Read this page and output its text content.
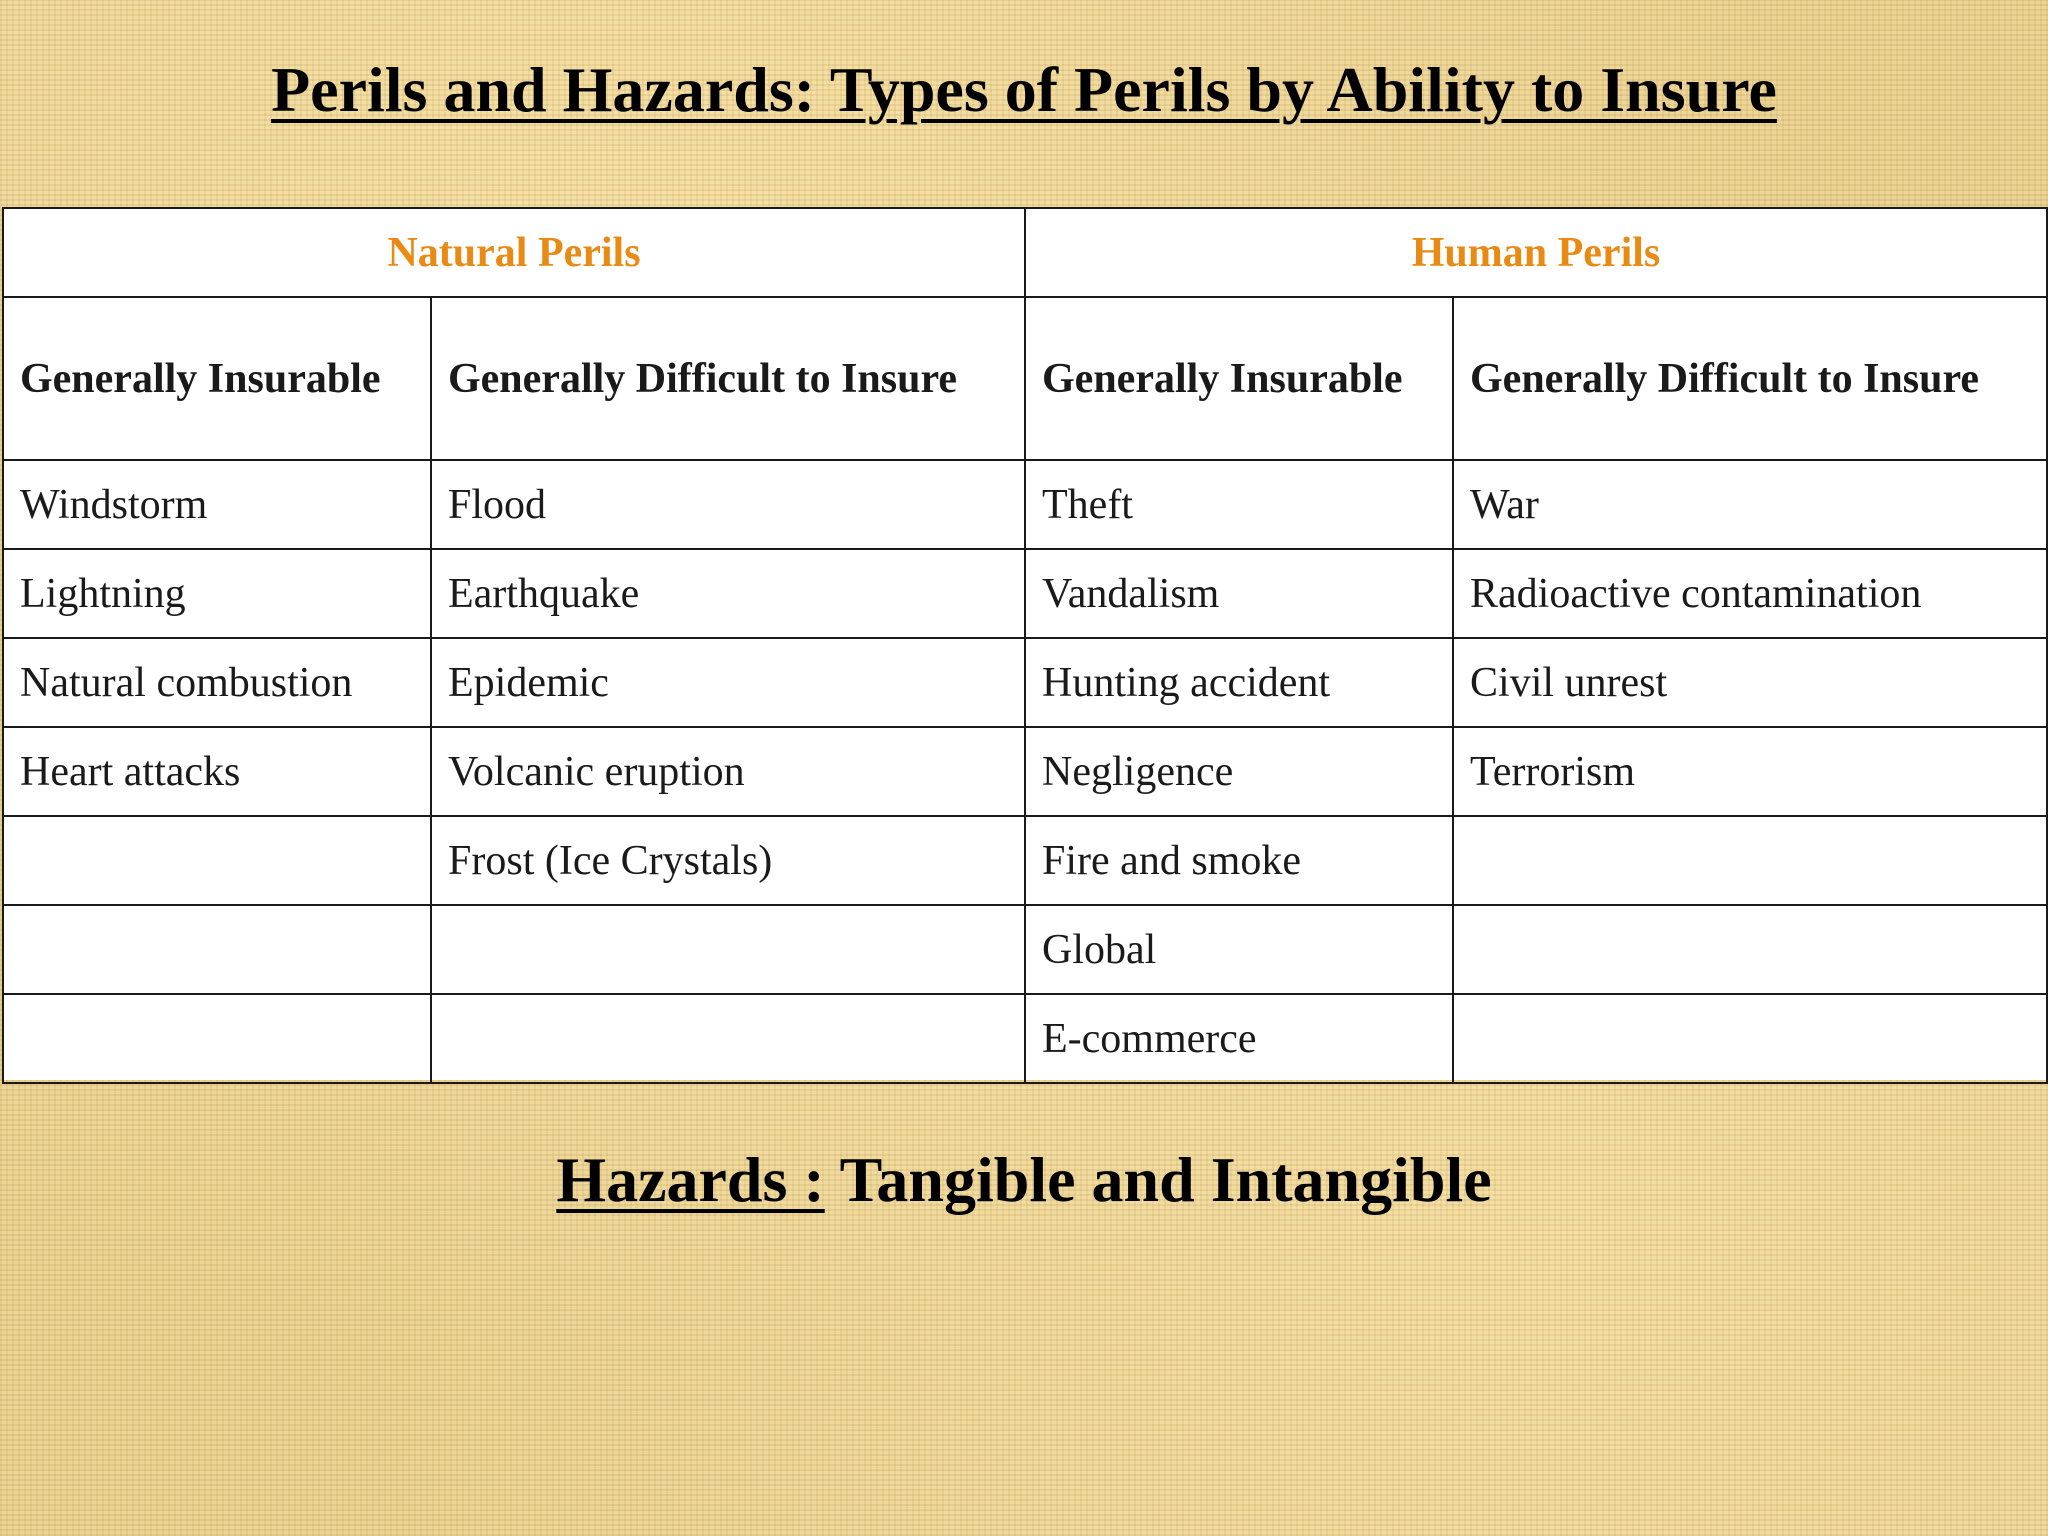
Perils and Hazards: Types of Perils by Ability to Insure
Natural Perils		Human Perils	
Generally Insurable	Generally Difficult to Insure	Generally Insurable	Generally Difficult to Insure
Windstorm	Flood	Theft	War
Lightning	Earthquake	Vandalism	Radioactive contamination
Natural combustion	Epidemic	Hunting accident	Civil unrest
Heart attacks	Volcanic eruption	Negligence	Terrorism
	Frost (Ice Crystals)	Fire and smoke	
		Global	
		E-commerce	
Hazards : Tangible and Intangible
